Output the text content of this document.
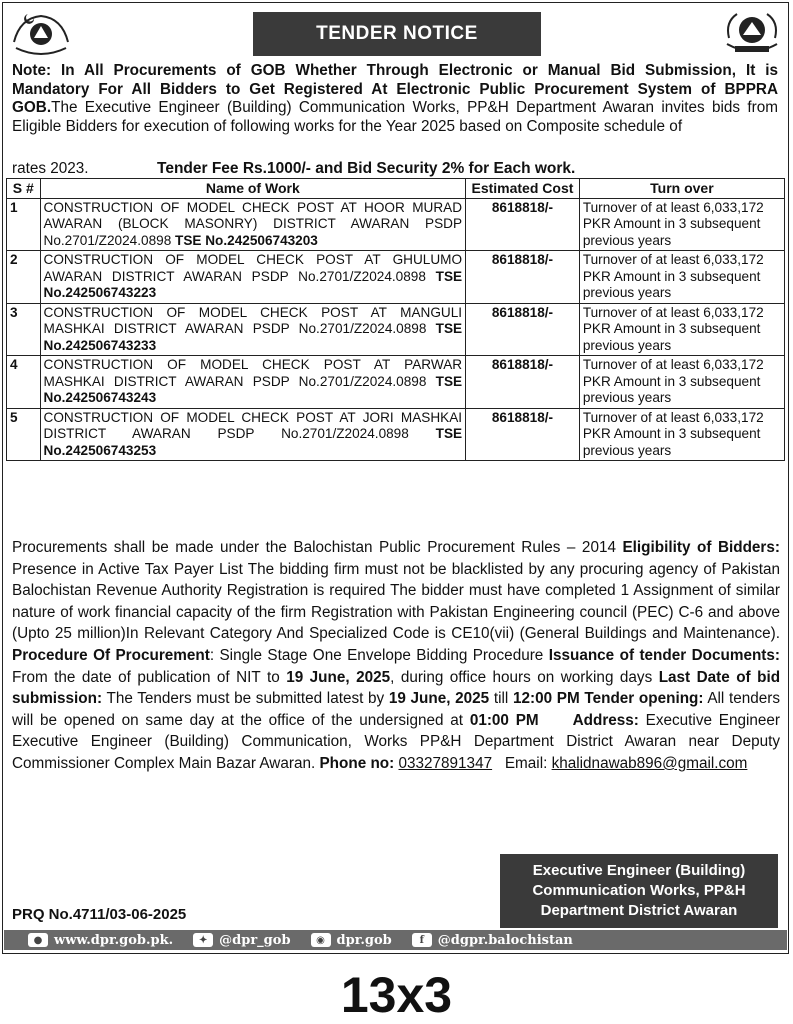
TENDER NOTICE
Note: In All Procurements of GOB Whether Through Electronic or Manual Bid Submission, It is Mandatory For All Bidders to Get Registered At Electronic Public Procurement System of BPPRA GOB.The Executive Engineer (Building) Communication Works, PP&H Department Awaran invites bids from Eligible Bidders for execution of following works for the Year 2025 based on Composite schedule of
rates 2023.	Tender Fee Rs.1000/- and Bid Security 2% for Each work.
S #	Name of Work	Estimated Cost	Turn over
1	CONSTRUCTION OF MODEL CHECK POST AT HOOR MURAD AWARAN (BLOCK MASONRY) DISTRICT AWARAN PSDP No.2701/Z2024.0898 TSE No.242506743203	8618818/-	Turnover of at least 6,033,172 PKR Amount in 3 subsequent previous years
2	CONSTRUCTION OF MODEL CHECK POST AT GHULUMO AWARAN DISTRICT AWARAN PSDP No.2701/Z2024.0898 TSE No.242506743223	8618818/-	Turnover of at least 6,033,172 PKR Amount in 3 subsequent previous years
3	CONSTRUCTION OF MODEL CHECK POST AT MANGULI MASHKAI DISTRICT AWARAN PSDP No.2701/Z2024.0898 TSE No.242506743233	8618818/-	Turnover of at least 6,033,172 PKR Amount in 3 subsequent previous years
4	CONSTRUCTION OF MODEL CHECK POST AT PARWAR MASHKAI DISTRICT AWARAN PSDP No.2701/Z2024.0898 TSE No.242506743243	8618818/-	Turnover of at least 6,033,172 PKR Amount in 3 subsequent previous years
5	CONSTRUCTION OF MODEL CHECK POST AT JORI MASHKAI DISTRICT AWARAN PSDP No.2701/Z2024.0898 TSE No.242506743253	8618818/-	Turnover of at least 6,033,172 PKR Amount in 3 subsequent previous years
Procurements shall be made under the Balochistan Public Procurement Rules – 2014 Eligibility of Bidders: Presence in Active Tax Payer List The bidding firm must not be blacklisted by any procuring agency of Pakistan Balochistan Revenue Authority Registration is required The bidder must have completed 1 Assignment of similar nature of work financial capacity of the firm Registration with Pakistan Engineering council (PEC) C-6 and above (Upto 25 million)In Relevant Category And Specialized Code is CE10(vii) (General Buildings and Maintenance). Procedure Of Procurement: Single Stage One Envelope Bidding Procedure Issuance of tender Documents: From the date of publication of NIT to 19 June, 2025, during office hours on working days Last Date of bid submission: The Tenders must be submitted latest by 19 June, 2025 till 12:00 PM Tender opening: All tenders will be opened on same day at the office of the undersigned at 01:00 PM Address: Executive Engineer Executive Engineer (Building) Communication, Works PP&H Department District Awaran near Deputy Commissioner Complex Main Bazar Awaran. Phone no: 03327891347 Email: khalidnawab896@gmail.com
Executive Engineer (Building)
Communication Works, PP&H
Department District Awaran
PRQ No.4711/03-06-2025
● www.dpr.gob.pk.	✦ @dpr_gob	◉ dpr.gob	f	@dgpr.balochistan
13x3
